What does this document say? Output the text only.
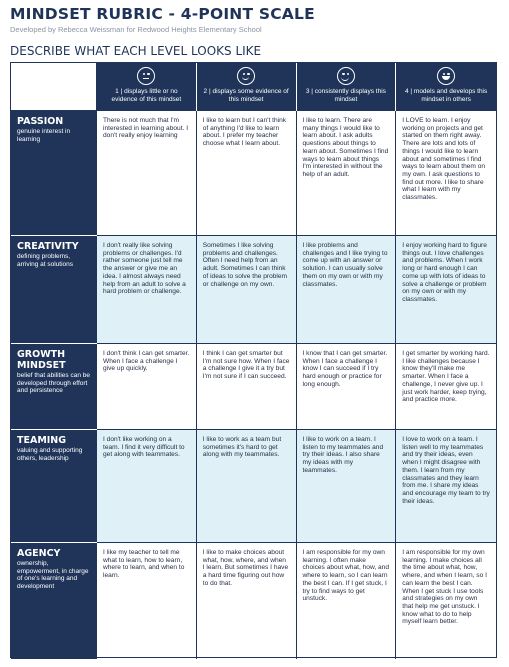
MINDSET RUBRIC - 4-POINT SCALE
Developed by Rebecca Weissman for Redwood Heights Elementary School
DESCRIBE WHAT EACH LEVEL LOOKS LIKE
1 | displays little or no evidence of this mindset
2 | displays some evidence of this mindset
3 | consistently displays this mindset
4 | models and develops this mindset in others
PASSION
genuine interest in learning
There is not much that I'm interested in learning about. I don't really enjoy learning
I like to learn but I can't think of anything I'd like to learn about. I prefer my teacher choose what I learn about.
I like to learn. There are many things I would like to learn about. I ask adults questions about things to learn about. Sometimes I find ways to learn about things I'm interested in without the help of an adult.
I LOVE to learn. I enjoy working on projects and get started on them right away. There are lots and lots of things I would like to learn about and sometimes I find ways to learn about them on my own. I ask questions to find out more. I like to share what I learn with my classmates.
CREATIVITY
defining problems, arriving at solutions
I don't really like solving problems or challenges. I'd rather someone just tell me the answer or give me an idea. I almost always need help from an adult to solve a hard problem or challenge.
Sometimes I like solving problems and challenges. Often I need help from an adult. Sometimes I can think of ideas to solve the problem or challenge on my own.
I like problems and challenges and I like trying to come up with an answer or solution. I can usually solve them on my own or with my classmates.
I enjoy working hard to figure things out. I love challenges and problems. When I work long or hard enough I can come up with lots of ideas to solve a challenge or problem on my own or with my classmates.
GROWTH MINDSET
belief that abilities can be developed through effort and persistence
I don't think I can get smarter. When I face a challenge I give up quickly.
I think I can get smarter but I'm not sure how. When I face a challenge I give it a try but I'm not sure if I can succeed.
I know that I can get smarter. When I face a challenge I know I can succeed if I try hard enough or practice for long enough.
I get smarter by working hard. I like challenges because I know they'll make me smarter. When I face a challenge, I never give up. I just work harder, keep trying, and practice more.
TEAMING
valuing and supporting others, leadership
I don't like working on a team. I find it very difficult to get along with teammates.
I like to work as a team but sometimes it's hard to get along with my teammates.
I like to work on a team. I listen to my teammates and try their ideas. I also share my ideas with my teammates.
I love to work on a team. I listen well to my teammates and try their ideas, even when I might disagree with them. I learn from my classmates and they learn from me. I share my ideas and encourage my team to try their ideas.
AGENCY
ownership, empowerment, in charge of one's learning and development
I like my teacher to tell me what to learn, how to learn, where to learn, and when to learn.
I like to make choices about what, how, where, and when I learn. But sometimes I have a hard time figuring out how to do that.
I am responsible for my own learning. I often make choices about what, how, and where to learn, so I can learn the best I can. If I get stuck, I try to find ways to get unstuck.
I am responsible for my own learning. I make choices all the time about what, how, where, and when I learn, so I can learn the best I can. When I get stuck I use tools and strategies on my own that help me get unstuck. I know what to do to help myself learn better.
